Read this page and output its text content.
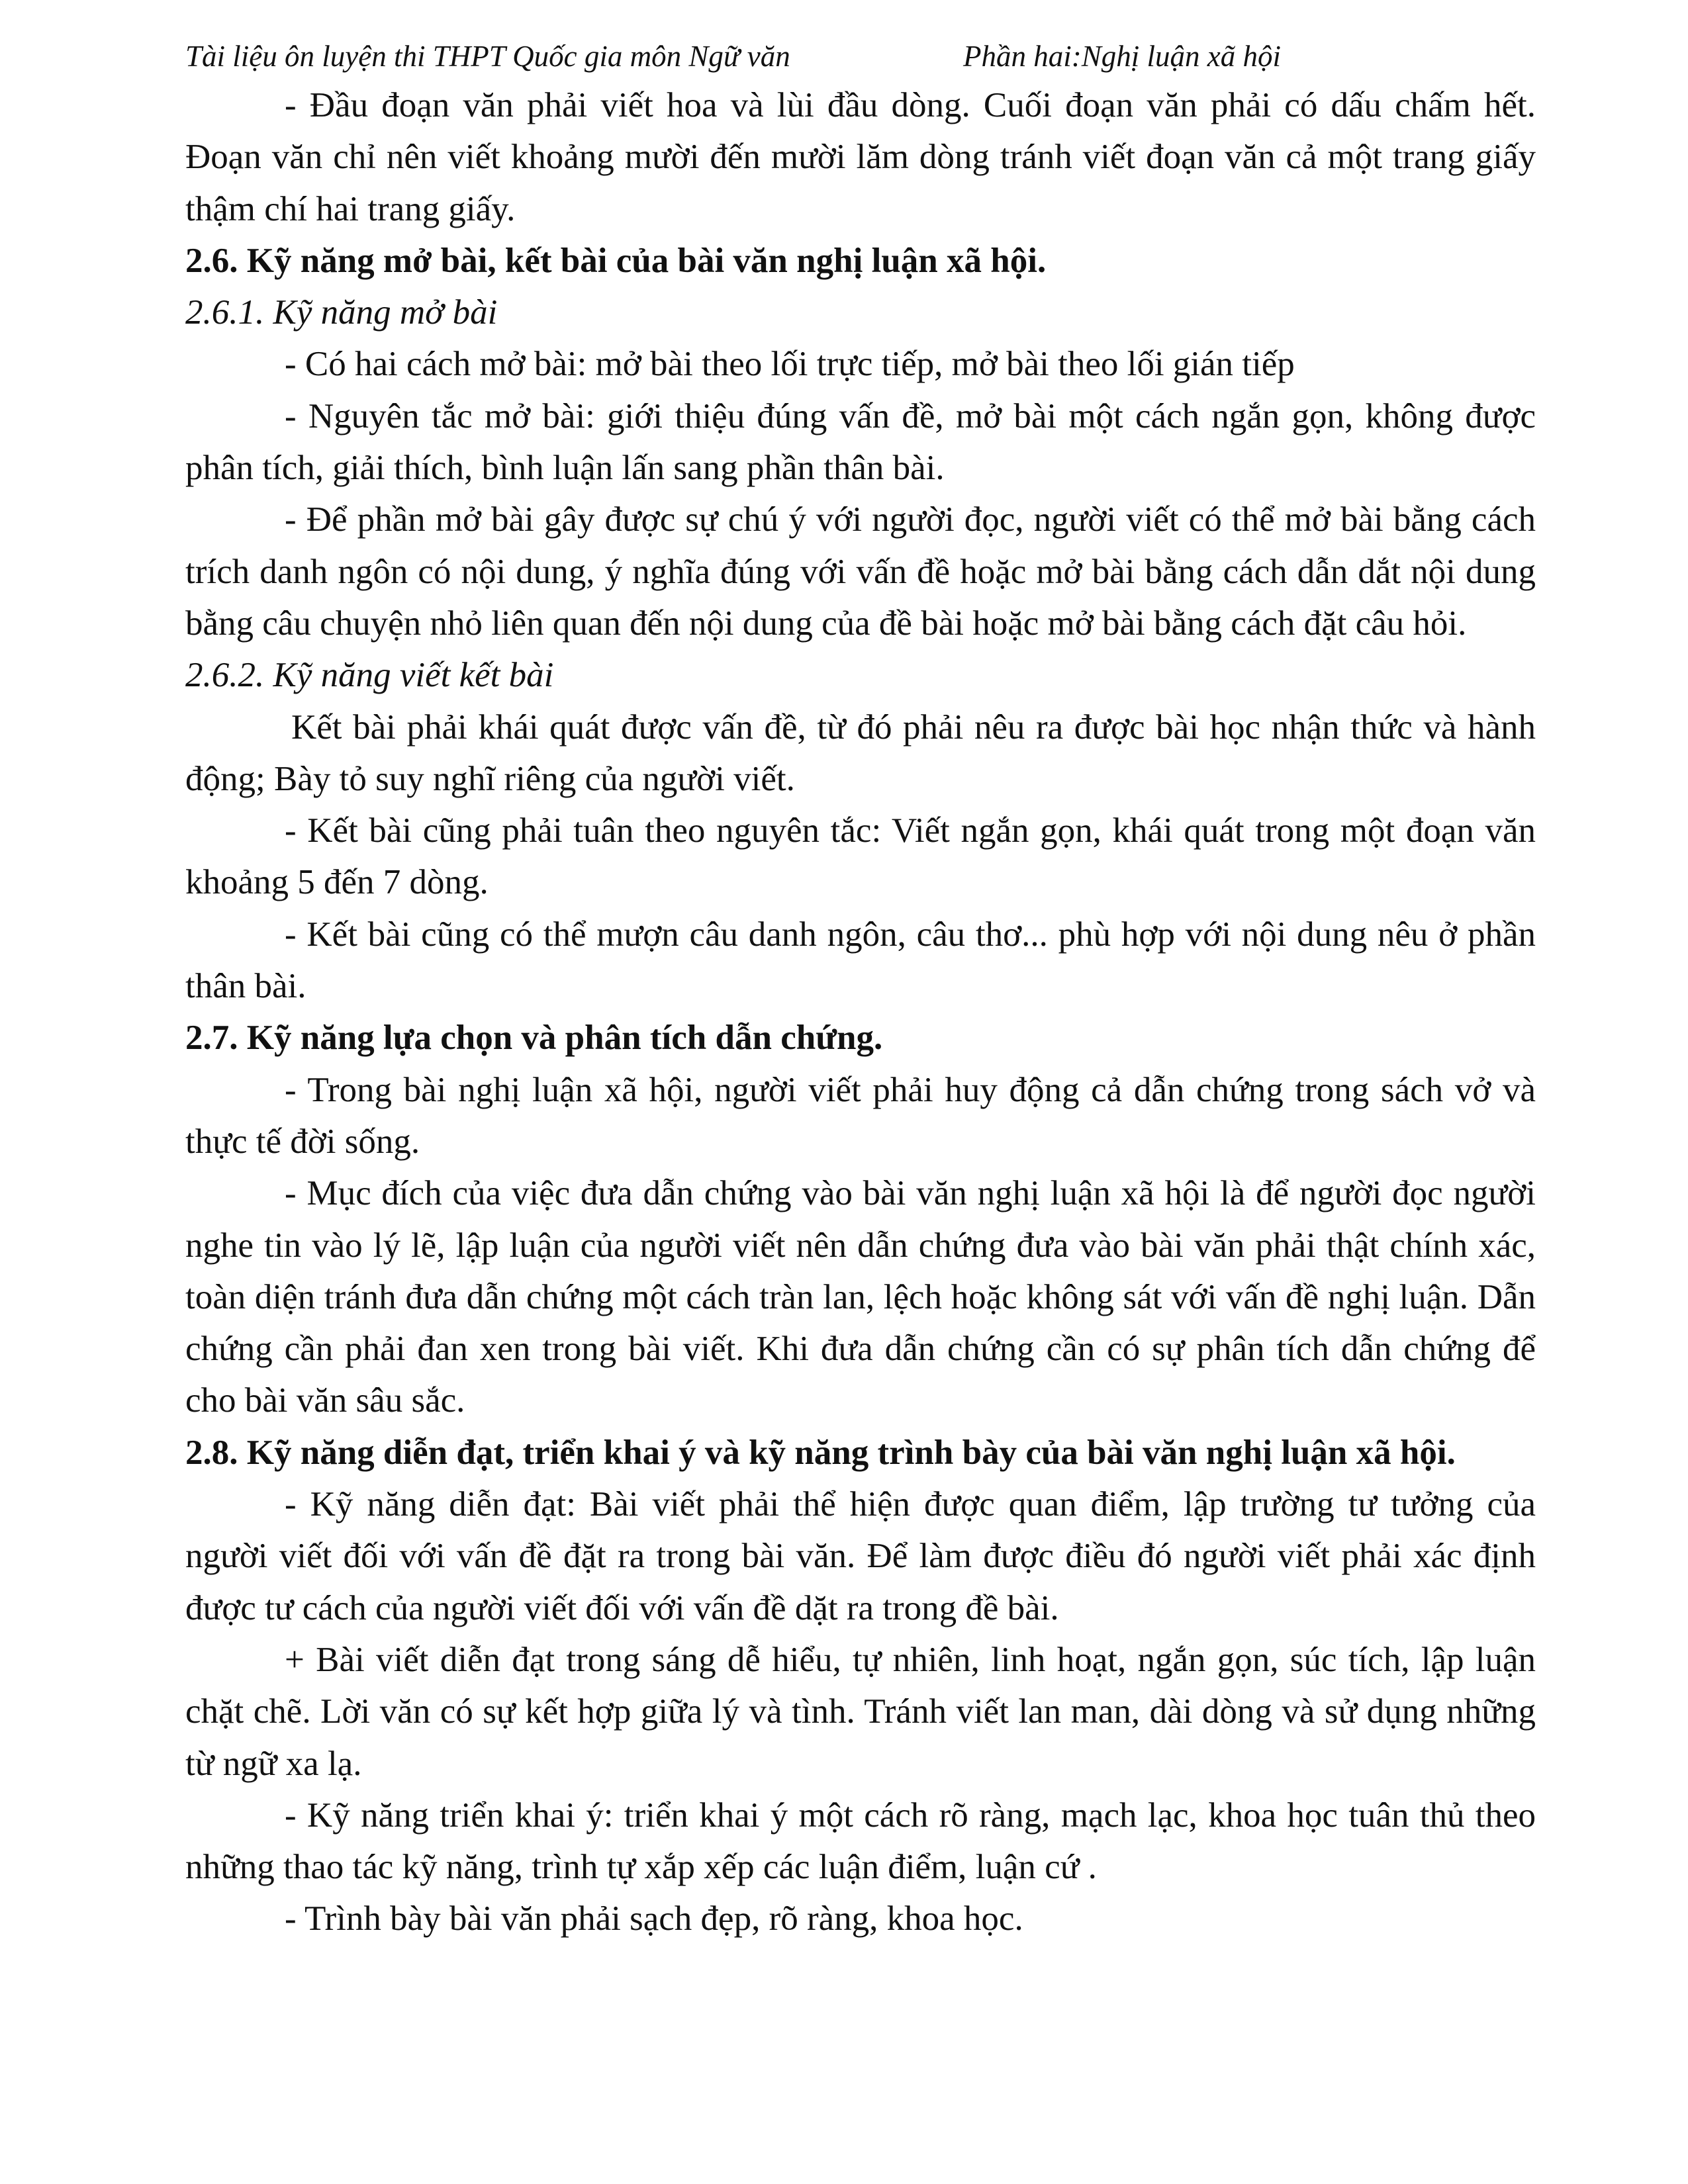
Tài liệu ôn luyện thi THPT Quốc gia môn Ngữ văn	Phần hai:Nghị luận xã hội

- Đầu đoạn văn phải viết hoa và lùi đầu dòng. Cuối đoạn văn phải có dấu chấm hết. Đoạn văn chỉ nên viết khoảng mười đến mười lăm dòng tránh viết đoạn văn cả một trang giấy thậm chí hai trang giấy.

2.6. Kỹ năng mở bài, kết bài của bài văn nghị luận xã hội.

2.6.1. Kỹ năng mở bài

- Có hai cách mở bài: mở bài theo lối trực tiếp, mở bài theo lối gián tiếp

- Nguyên tắc mở bài: giới thiệu đúng vấn đề, mở bài một cách ngắn gọn, không được phân tích, giải thích, bình luận lấn sang phần thân bài.

- Để phần mở bài gây được sự chú ý với người đọc, người viết có thể mở bài bằng cách trích danh ngôn có nội dung, ý nghĩa đúng với vấn đề hoặc mở bài bằng cách dẫn dắt nội dung bằng câu chuyện nhỏ liên quan đến nội dung của đề bài hoặc mở bài bằng cách đặt câu hỏi.

2.6.2. Kỹ năng viết kết bài

Kết bài phải khái quát được vấn đề, từ đó phải nêu ra được bài học nhận thức và hành động; Bày tỏ suy nghĩ riêng của người viết.

- Kết bài cũng phải tuân theo nguyên tắc: Viết ngắn gọn, khái quát trong một đoạn văn khoảng 5 đến 7 dòng.

- Kết bài cũng có thể mượn câu danh ngôn, câu thơ... phù hợp với nội dung nêu ở phần thân bài.

2.7. Kỹ năng lựa chọn và phân tích dẫn chứng.

- Trong bài nghị luận xã hội, người viết phải huy động cả dẫn chứng trong sách vở và thực tế đời sống.

- Mục đích của việc đưa dẫn chứng vào bài văn nghị luận xã hội là để người đọc người nghe tin vào lý lẽ, lập luận của người viết nên dẫn chứng đưa vào bài văn phải thật chính xác, toàn diện tránh đưa dẫn chứng một cách tràn lan, lệch hoặc không sát với vấn đề nghị luận. Dẫn chứng cần phải đan xen trong bài viết. Khi đưa dẫn chứng cần có sự phân tích dẫn chứng để cho bài văn sâu sắc.

2.8. Kỹ năng diễn đạt, triển khai ý và kỹ năng trình bày của bài văn nghị luận xã hội.

- Kỹ năng diễn đạt: Bài viết phải thể hiện được quan điểm, lập trường tư tưởng của người viết đối với vấn đề đặt ra trong bài văn. Để làm được điều đó người viết phải xác định được tư cách của người viết đối với vấn đề dặt ra trong đề bài.

+ Bài viết diễn đạt trong sáng dễ hiểu, tự nhiên, linh hoạt, ngắn gọn, súc tích, lập luận chặt chẽ. Lời văn có sự kết hợp giữa lý và tình. Tránh viết lan man, dài dòng và sử dụng những từ ngữ xa lạ.

- Kỹ năng triển khai ý: triển khai ý một cách rõ ràng, mạch lạc, khoa học tuân thủ theo những thao tác kỹ năng, trình tự xắp xếp các luận điểm, luận cứ .

- Trình bày bài văn phải sạch đẹp, rõ ràng, khoa học.
